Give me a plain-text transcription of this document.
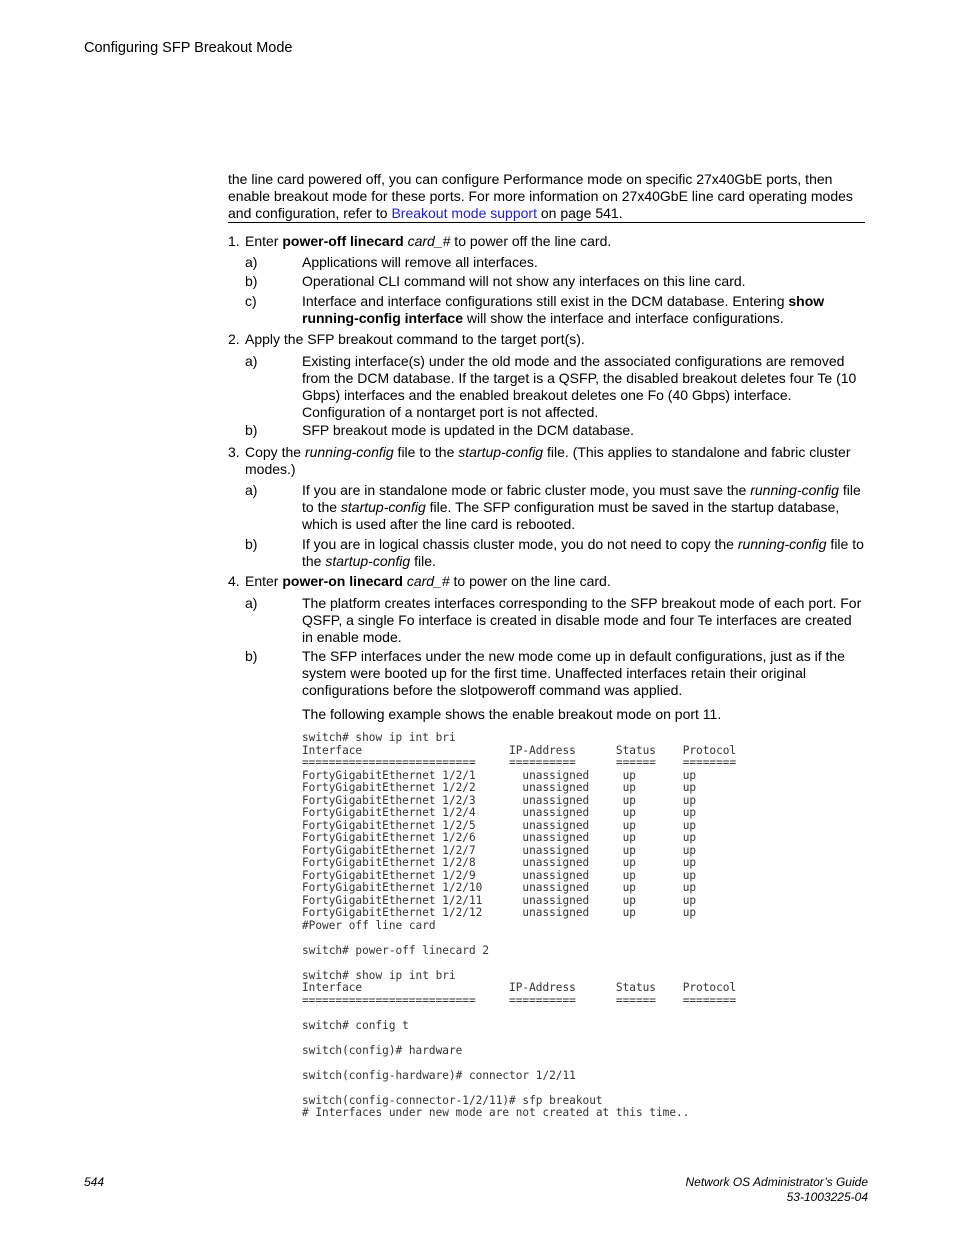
Configuring SFP Breakout Mode
the line card powered off, you can configure Performance mode on specific 27x40GbE ports, then enable breakout mode for these ports. For more information on 27x40GbE line card operating modes and configuration, refer to Breakout mode support on page 541.
1. Enter power-off linecard card_# to power off the line card.
a)	Applications will remove all interfaces.
b)	Operational CLI command will not show any interfaces on this line card.
c)	Interface and interface configurations still exist in the DCM database. Entering show running-config interface will show the interface and interface configurations.
2. Apply the SFP breakout command to the target port(s).
a)	Existing interface(s) under the old mode and the associated configurations are removed from the DCM database. If the target is a QSFP, the disabled breakout deletes four Te (10 Gbps) interfaces and the enabled breakout deletes one Fo (40 Gbps) interface. Configuration of a nontarget port is not affected.
b)	SFP breakout mode is updated in the DCM database.
3. Copy the running-config file to the startup-config file. (This applies to standalone and fabric cluster modes.)
a)	If you are in standalone mode or fabric cluster mode, you must save the running-config file to the startup-config file. The SFP configuration must be saved in the startup database, which is used after the line card is rebooted.
b)	If you are in logical chassis cluster mode, you do not need to copy the running-config file to the startup-config file.
4. Enter power-on linecard card_# to power on the line card.
a)	The platform creates interfaces corresponding to the SFP breakout mode of each port. For QSFP, a single Fo interface is created in disable mode and four Te interfaces are created in enable mode.
b)	The SFP interfaces under the new mode come up in default configurations, just as if the system were booted up for the first time. Unaffected interfaces retain their original configurations before the slotpoweroff command was applied.
The following example shows the enable breakout mode on port 11.
switch# show ip int bri
Interface                      IP-Address      Status    Protocol
==========================     ==========      ======    ========
FortyGigabitEthernet 1/2/1       unassigned     up       up
FortyGigabitEthernet 1/2/2       unassigned     up       up
FortyGigabitEthernet 1/2/3       unassigned     up       up
FortyGigabitEthernet 1/2/4       unassigned     up       up
FortyGigabitEthernet 1/2/5       unassigned     up       up
FortyGigabitEthernet 1/2/6       unassigned     up       up
FortyGigabitEthernet 1/2/7       unassigned     up       up
FortyGigabitEthernet 1/2/8       unassigned     up       up
FortyGigabitEthernet 1/2/9       unassigned     up       up
FortyGigabitEthernet 1/2/10      unassigned     up       up
FortyGigabitEthernet 1/2/11      unassigned     up       up
FortyGigabitEthernet 1/2/12      unassigned     up       up
#Power off line card

switch# power-off linecard 2

switch# show ip int bri
Interface                      IP-Address      Status    Protocol
==========================     ==========      ======    ========

switch# config t

switch(config)# hardware

switch(config-hardware)# connector 1/2/11

switch(config-connector-1/2/11)# sfp breakout
# Interfaces under new mode are not created at this time..
544	Network OS Administrator’s Guide
53-1003225-04
